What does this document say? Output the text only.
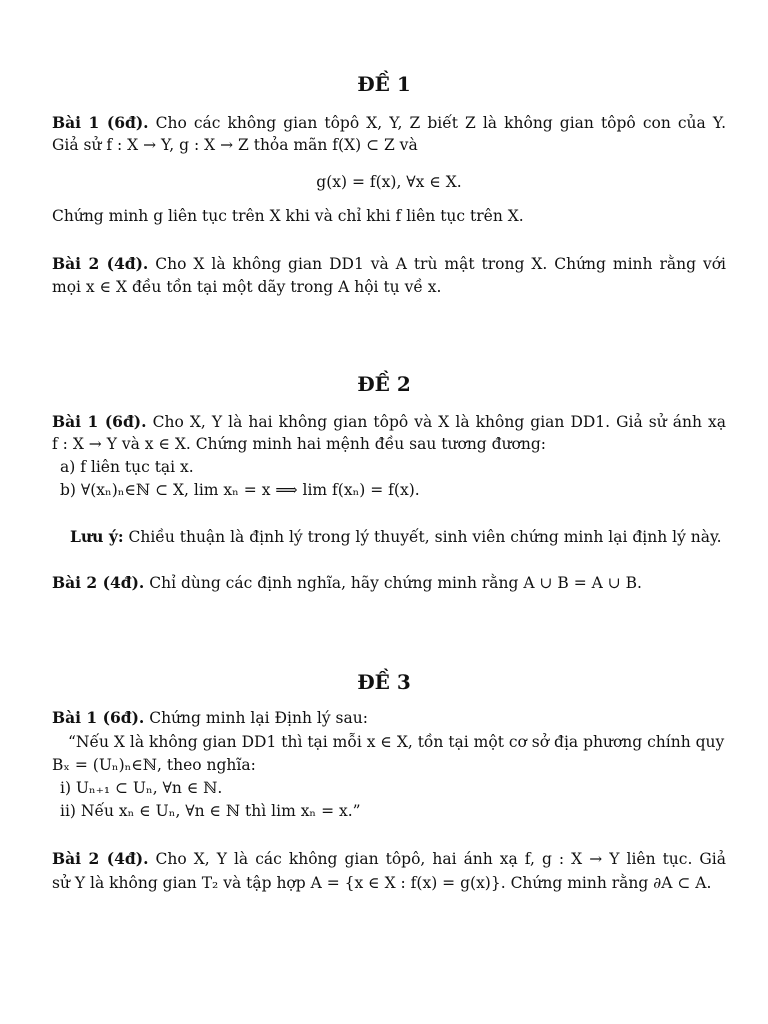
ĐỀ 1

Bài 1 (6đ). Cho các không gian tôpô X, Y, Z biết Z là không gian tôpô con của Y.

Giả sử f : X → Y, g : X → Z thỏa mãn f(X) ⊂ Z và

g(x) = f(x), ∀x ∈ X.

Chứng minh g liên tục trên X khi và chỉ khi f liên tục trên X.

Bài 2 (4đ). Cho X là không gian DD1 và A trù mật trong X. Chứng minh rằng với

mọi x ∈ X đều tồn tại một dãy trong A hội tụ về x.

ĐỀ 2

Bài 1 (6đ). Cho X, Y là hai không gian tôpô và X là không gian DD1. Giả sử ánh xạ

f : X → Y và x ∈ X. Chứng minh hai mệnh đều sau tương đương:

a) f liên tục tại x.

b) ∀(xₙ)ₙ∈ℕ ⊂ X, lim xₙ = x ⟹ lim f(xₙ) = f(x).

Lưu ý: Chiều thuận là định lý trong lý thuyết, sinh viên chứng minh lại định lý này.

Bài 2 (4đ). Chỉ dùng các định nghĩa, hãy chứng minh rằng A ∪ B = A ∪ B.

ĐỀ 3

Bài 1 (6đ). Chứng minh lại Định lý sau:

“Nếu X là không gian DD1 thì tại mỗi x ∈ X, tồn tại một cơ sở địa phương chính quy

Bₓ = (Uₙ)ₙ∈ℕ, theo nghĩa:

i) Uₙ₊₁ ⊂ Uₙ, ∀n ∈ ℕ.

ii) Nếu xₙ ∈ Uₙ, ∀n ∈ ℕ thì lim xₙ = x.”

Bài 2 (4đ). Cho X, Y là các không gian tôpô, hai ánh xạ f, g : X → Y liên tục. Giả

sử Y là không gian T₂ và tập hợp A = {x ∈ X : f(x) = g(x)}. Chứng minh rằng ∂A ⊂ A.
